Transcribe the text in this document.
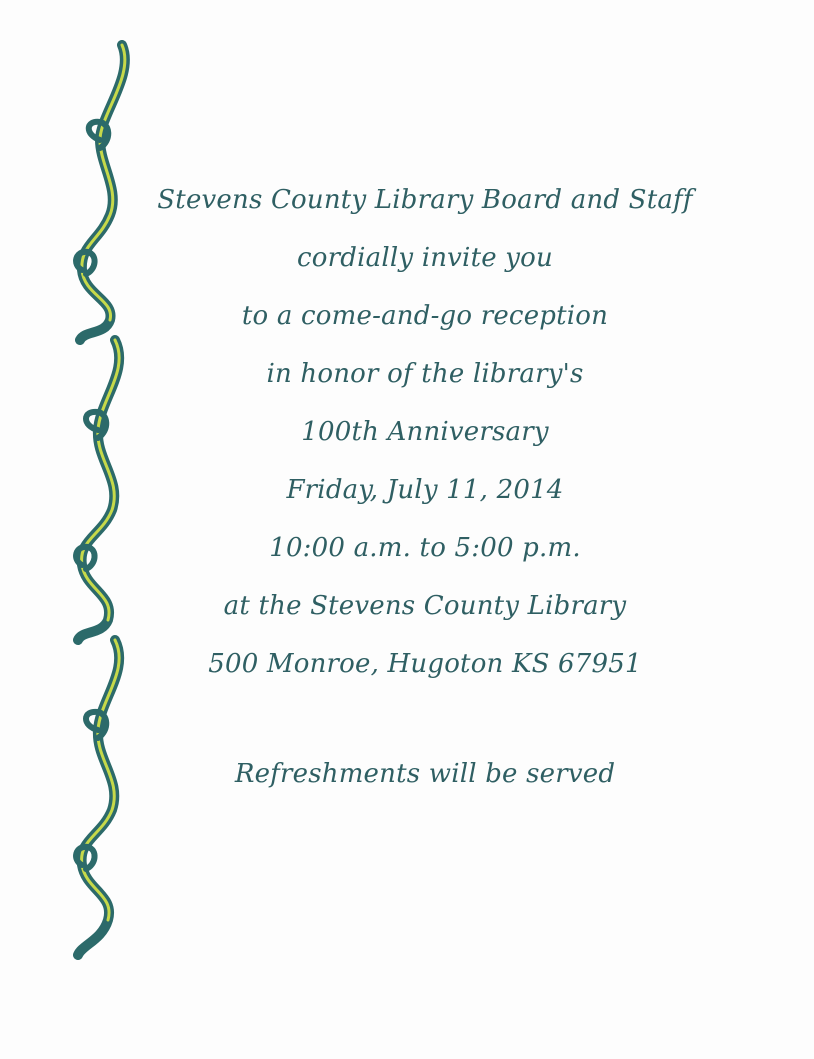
Stevens County Library Board and Staff
cordially invite you
to a come-and-go reception
in honor of the library's
100th Anniversary
Friday, July 11, 2014
10:00 a.m. to 5:00 p.m.
at the Stevens County Library
500 Monroe, Hugoton KS 67951
Refreshments will be served
